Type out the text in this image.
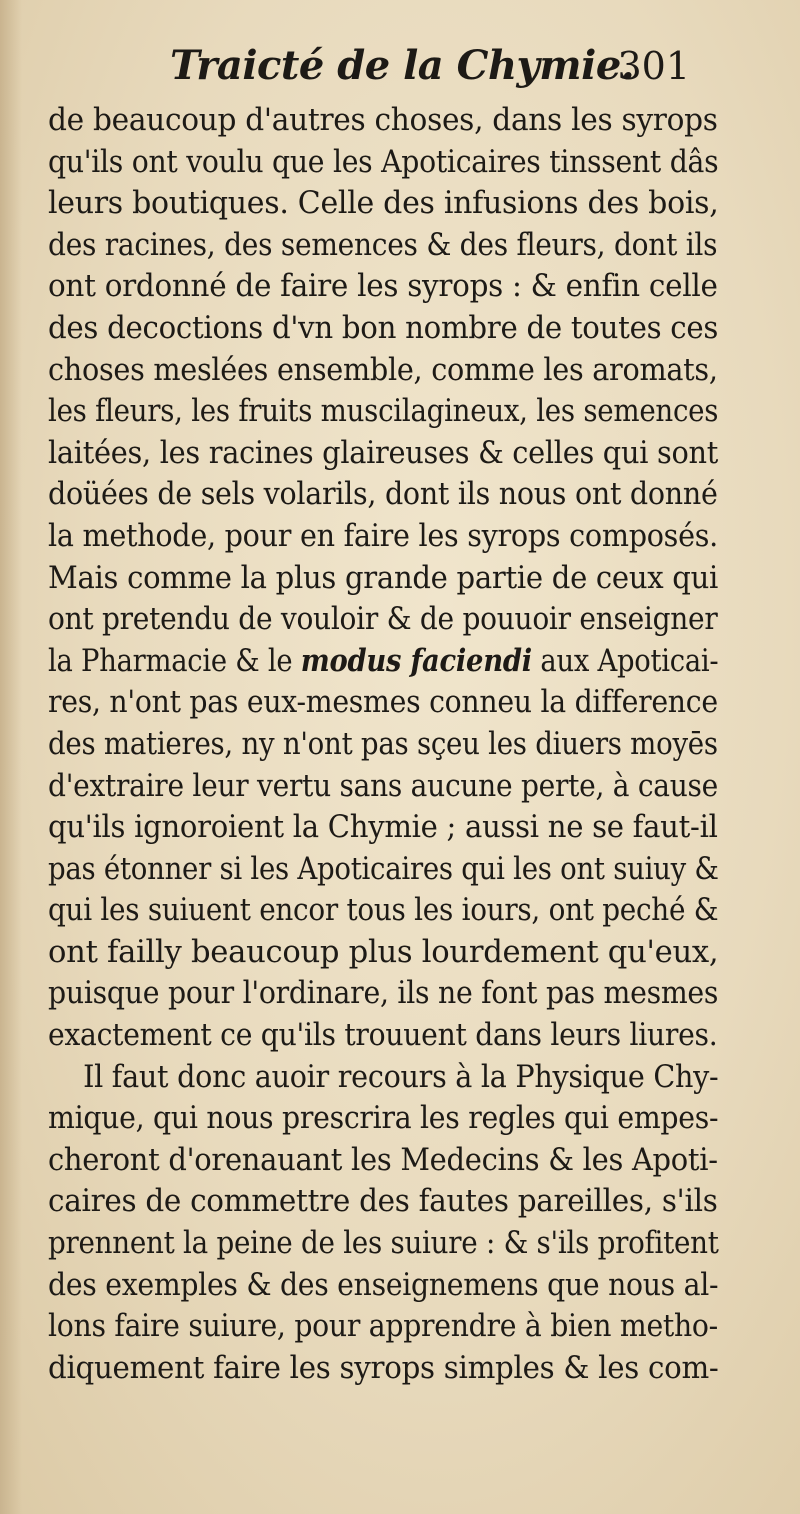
Traicté de la Chymie.
301
de beaucoup d'autres choses, dans les syrops
qu'ils ont voulu que les Apoticaires tinssent dâs
leurs boutiques. Celle des infusions des bois,
des racines, des semences & des fleurs, dont ils
ont ordonné de faire les syrops : & enfin celle
des decoctions d'vn bon nombre de toutes ces
choses meslées ensemble, comme les aromats,
les fleurs, les fruits muscilagineux, les semences
laitées, les racines glaireuses & celles qui sont
doüées de sels volarils, dont ils nous ont donné
la methode, pour en faire les syrops composés.
Mais comme la plus grande partie de ceux qui
ont pretendu de vouloir & de pouuoir enseigner
la Pharmacie & le modus faciendi aux Apoticai-
res, n'ont pas eux-mesmes conneu la difference
des matieres, ny n'ont pas sçeu les diuers moyēs
d'extraire leur vertu sans aucune perte, à cause
qu'ils ignoroient la Chymie ; aussi ne se faut-il
pas étonner si les Apoticaires qui les ont suiuy &
qui les suiuent encor tous les iours, ont peché &
ont failly beaucoup plus lourdement qu'eux,
puisque pour l'ordinare, ils ne font pas mesmes
exactement ce qu'ils trouuent dans leurs liures.
Il faut donc auoir recours à la Physique Chy-
mique, qui nous prescrira les regles qui empes-
cheront d'orenauant les Medecins & les Apoti-
caires de commettre des fautes pareilles, s'ils
prennent la peine de les suiure : & s'ils profitent
des exemples & des enseignemens que nous al-
lons faire suiure, pour apprendre à bien metho-
diquement faire les syrops simples & les com-
